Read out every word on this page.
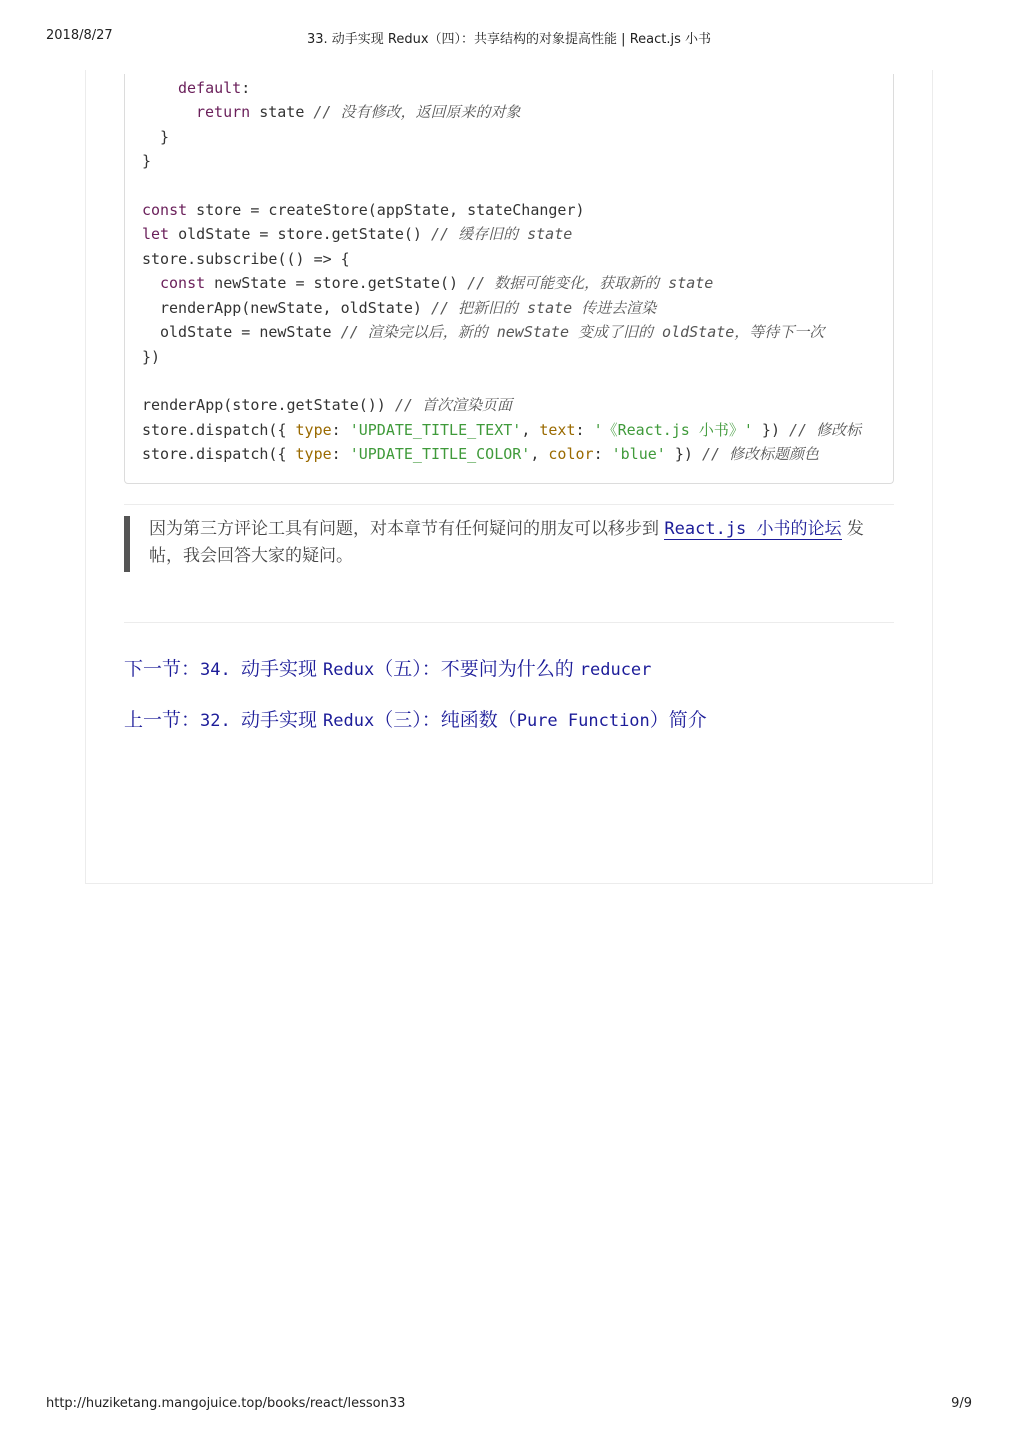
2018/8/27	33. 动手实现 Redux（四）：共享结构的对象提高性能 | React.js 小书
default:
return state // 没有修改，返回原来的对象
}
}
const store = createStore(appState, stateChanger)
let oldState = store.getState() // 缓存旧的 state
store.subscribe(() => {
const newState = store.getState() // 数据可能变化，获取新的 state
renderApp(newState, oldState) // 把新旧的 state 传进去渲染
oldState = newState // 渲染完以后，新的 newState 变成了旧的 oldState，等待下一次
})
renderApp(store.getState()) // 首次渲染页面
store.dispatch({ type: 'UPDATE_TITLE_TEXT', text: '《React.js 小书》' }) // 修改标
store.dispatch({ type: 'UPDATE_TITLE_COLOR', color: 'blue' }) // 修改标题颜色
因为第三方评论工具有问题，对本章节有任何疑问的朋友可以移步到 React.js 小书的论坛 发帖，我会回答大家的疑问。
下一节：34. 动手实现 Redux（五）：不要问为什么的 reducer
上一节：32. 动手实现 Redux（三）：纯函数（Pure Function）简介
http://huziketang.mangojuice.top/books/react/lesson33	9/9
